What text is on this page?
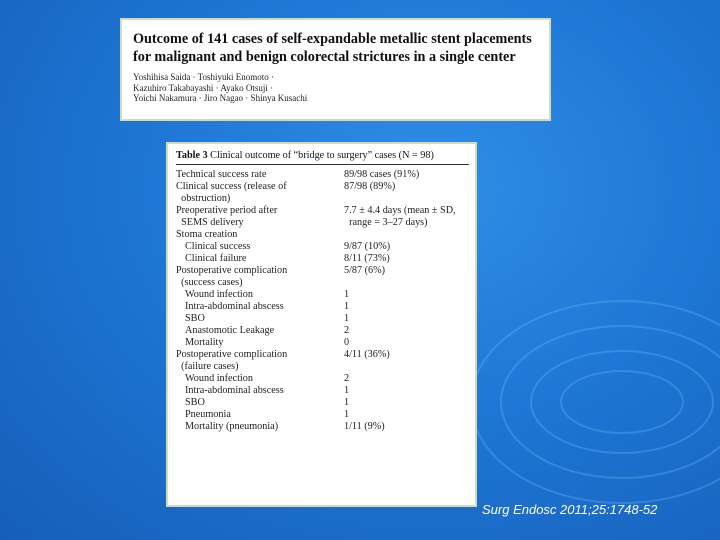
Outcome of 141 cases of self-expandable metallic stent placements
for malignant and benign colorectal strictures in a single center
Yoshihisa Saida · Toshiyuki Enomoto ·
Kazuhiro Takabayashi · Ayako Otsuji ·
Yoichi Nakamura · Jiro Nagao · Shinya Kusachi
Table 3 Clinical outcome of “bridge to surgery” cases (N = 98)
Technical success rate	89/98 cases (91%)
Clinical success (release of	87/98 (89%)
obstruction)
Preoperative period after	7.7 ± 4.4 days (mean ± SD,
SEMS delivery	range = 3–27 days)
Stoma creation
Clinical success	9/87 (10%)
Clinical failure	8/11 (73%)
Postoperative complication	5/87 (6%)
(success cases)
Wound infection	1
Intra-abdominal abscess	1
SBO	1
Anastomotic Leakage	2
Mortality	0
Postoperative complication	4/11 (36%)
(failure cases)
Wound infection	2
Intra-abdominal abscess	1
SBO	1
Pneumonia	1
Mortality (pneumonia)	1/11 (9%)
Surg Endosc 2011;25:1748-52
